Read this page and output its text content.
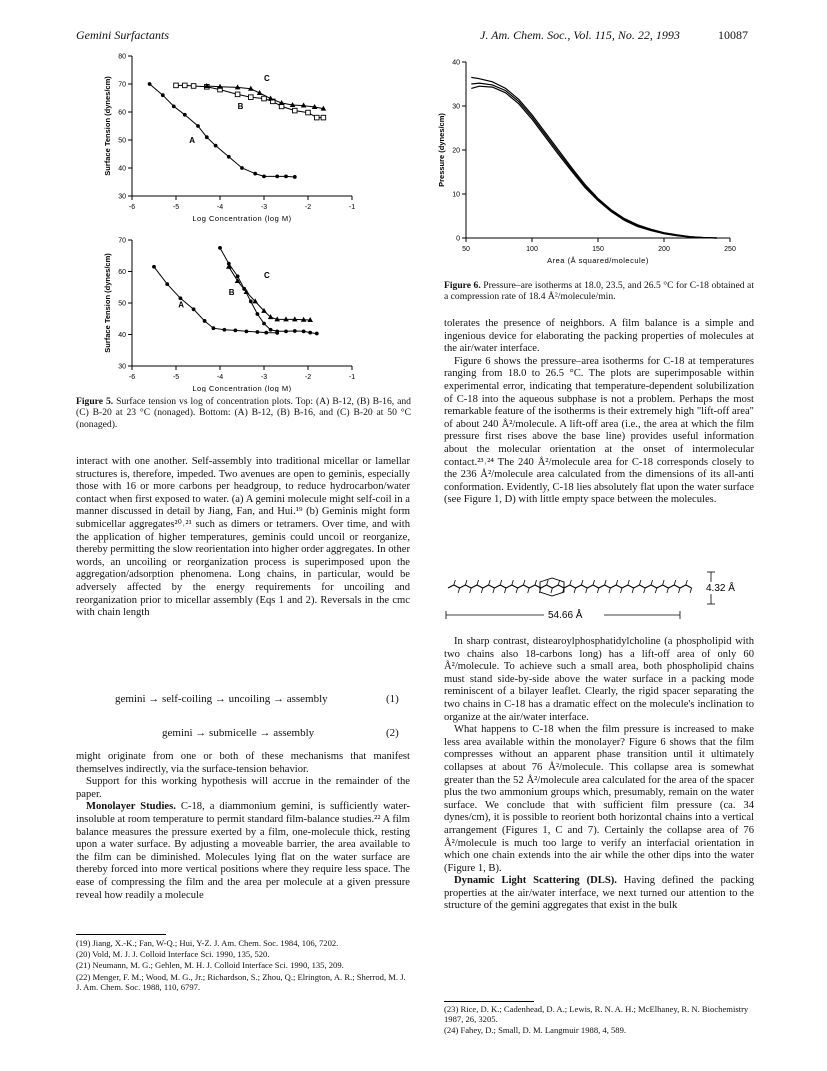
Gemini Surfactants	J. Am. Chem. Soc., Vol. 115, No. 22, 1993	10087
-6	-5	-4	-3	-2	-1
30
40
50
60
70
80
Log Concentration (log M)
Surface Tension (dynes/cm)	A
B
C
-6	-5	-4	-3	-2	-1
30
40
50
60
70
Log Concentration (log M)
Surface Tension (dynes/cm)	A
B
C
Figure 5. Surface tension vs log of concentration plots. Top: (A) B-12, (B) B-16, and (C) B-20 at 23 °C (nonaged). Bottom: (A) B-12, (B) B-16, and (C) B-20 at 50 °C (nonaged).

interact with one another. Self-assembly into traditional micellar or lamellar structures is, therefore, impeded. Two avenues are open to geminis, especially those with 16 or more carbons per headgroup, to reduce hydrocarbon/water contact when first exposed to water. (a) A gemini molecule might self-coil in a manner discussed in detail by Jiang, Fan, and Hui.¹⁹ (b) Geminis might form submicellar aggregates²⁰˒²¹ such as dimers or tetramers. Over time, and with the application of higher temperatures, geminis could uncoil or reorganize, thereby permitting the slow reorientation into higher order aggregates. In other words, an uncoiling or reorganization process is superimposed upon the aggregation/adsorption phenomena. Long chains, in particular, would be adversely affected by the energy requirements for uncoiling and reorganization prior to micellar assembly (Eqs 1 and 2). Reversals in the cmc with chain length

gemini → self-coiling → uncoiling → assembly	(1)
gemini → submicelle → assembly	(2)

might originate from one or both of these mechanisms that manifest themselves indirectly, via the surface-tension behavior.

Support for this working hypothesis will accrue in the remainder of the paper.

Monolayer Studies. C-18, a diammonium gemini, is sufficiently water-insoluble at room temperature to permit standard film-balance studies.²² A film balance measures the pressure exerted by a film, one-molecule thick, resting upon a water surface. By adjusting a moveable barrier, the area available to the film can be diminished. Molecules lying flat on the water surface are thereby forced into more vertical positions where they require less space. The ease of compressing the film and the area per molecule at a given pressure reveal how readily a molecule

(19) Jiang, X.-K.; Fan, W-Q.; Hui, Y-Z. J. Am. Chem. Soc. 1984, 106, 7202.

(20) Vold, M. J. J. Colloid Interface Sci. 1990, 135, 520.

(21) Neumann, M. G.; Gehlen, M. H. J. Colloid Interface Sci. 1990, 135, 209.

(22) Menger, F. M.; Wood, M. G., Jr.; Richardson, S.; Zhou, Q.; Elrington, A. R.; Sherrod, M. J. J. Am. Chem. Soc. 1988, 110, 6797.

50	100	150	200	250
0
10
20
30
40
Area (Å squared/molecule)
Pressure (dynes/cm)
Figure 6. Pressure–are isotherms at 18.0, 23.5, and 26.5 °C for C-18 obtained at a compression rate of 18.4 Å²/molecule/min.

tolerates the presence of neighbors. A film balance is a simple and ingenious device for elaborating the packing properties of molecules at the air/water interface.

Figure 6 shows the pressure–area isotherms for C-18 at temperatures ranging from 18.0 to 26.5 °C. The plots are superimposable within experimental error, indicating that temperature-dependent solubilization of C-18 into the aqueous subphase is not a problem. Perhaps the most remarkable feature of the isotherms is their extremely high "lift-off area" of about 240 Å²/molecule. A lift-off area (i.e., the area at which the film pressure first rises above the base line) provides useful information about the molecular orientation at the onset of intermolecular contact.²³˒²⁴ The 240 Å²/molecule area for C-18 corresponds closely to the 236 Å²/molecule area calculated from the dimensions of its all-anti conformation. Evidently, C-18 lies absolutely flat upon the water surface (see Figure 1, D) with little empty space between the molecules.

4.32 Å
54.66 Å

In sharp contrast, distearoylphosphatidylcholine (a phospholipid with two chains also 18-carbons long) has a lift-off area of only 60 Å²/molecule. To achieve such a small area, both phospholipid chains must stand side-by-side above the water surface in a packing mode reminiscent of a bilayer leaflet. Clearly, the rigid spacer separating the two chains in C-18 has a dramatic effect on the molecule's inclination to organize at the air/water interface.

What happens to C-18 when the film pressure is increased to make less area available within the monolayer? Figure 6 shows that the film compresses without an apparent phase transition until it ultimately collapses at about 76 Å²/molecule. This collapse area is somewhat greater than the 52 Å²/molecule area calculated for the area of the spacer plus the two ammonium groups which, presumably, remain on the water surface. We conclude that with sufficient film pressure (ca. 34 dynes/cm), it is possible to reorient both horizontal chains into a vertical arrangement (Figures 1, C and 7). Certainly the collapse area of 76 Å²/molecule is much too large to verify an interfacial orientation in which one chain extends into the air while the other dips into the water (Figure 1, B).

Dynamic Light Scattering (DLS). Having defined the packing properties at the air/water interface, we next turned our attention to the structure of the gemini aggregates that exist in the bulk

(23) Rice, D. K.; Cadenhead, D. A.; Lewis, R. N. A. H.; McElhaney, R. N. Biochemistry 1987, 26, 3205.

(24) Fahey, D.; Small, D. M. Langmuir 1988, 4, 589.
